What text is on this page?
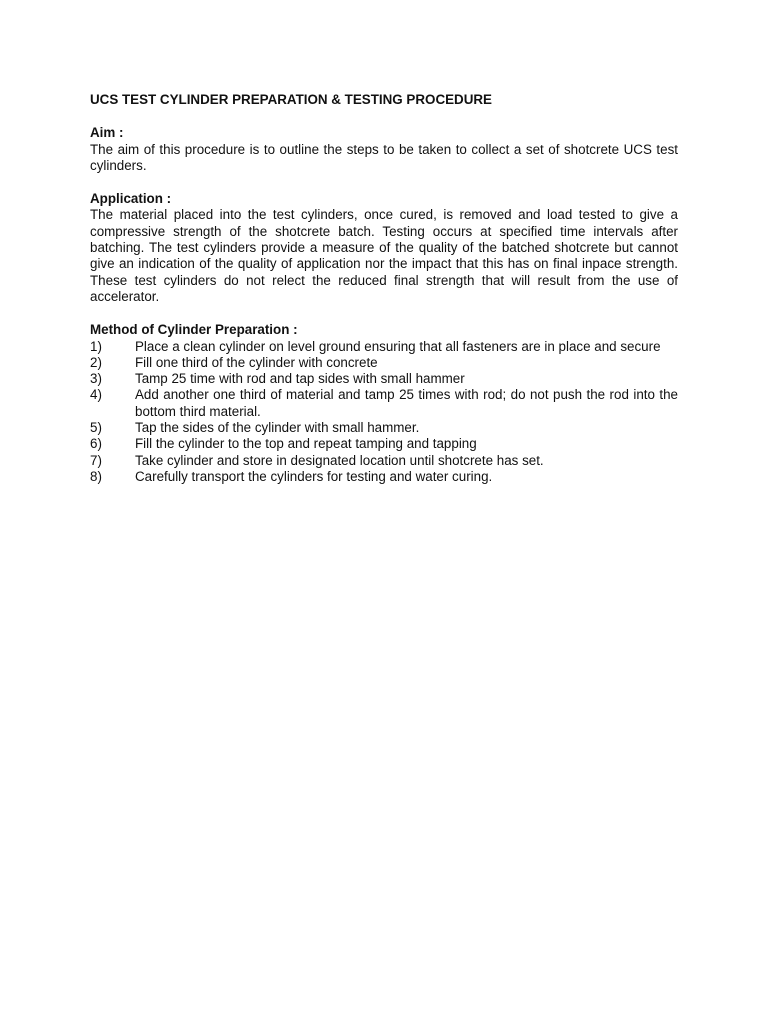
UCS TEST CYLINDER PREPARATION & TESTING PROCEDURE
Aim :
The aim of this procedure is to outline the steps to be taken to collect a set of shotcrete UCS test cylinders.
Application :
The material placed into the test cylinders, once cured, is removed and load tested to give a compressive strength of the shotcrete batch. Testing occurs at specified time intervals after batching. The test cylinders provide a measure of the quality of the batched shotcrete but cannot give an indication of the quality of application nor the impact that this has on final inpace strength. These test cylinders do not relect the reduced final strength that will result from the use of accelerator.
Method of Cylinder Preparation :
1)	Place a clean cylinder on level ground ensuring that all fasteners are in place and secure
2)	Fill one third of the cylinder with concrete
3)	Tamp 25 time with rod and tap sides with small hammer
4)	Add another one third of material and tamp 25 times with rod; do not push the rod into the bottom third material.
5)	Tap the sides of the cylinder with small hammer.
6)	Fill the cylinder to the top and repeat tamping and tapping
7)	Take cylinder and store in designated location until shotcrete has set.
8)	Carefully transport the cylinders for testing and water curing.
